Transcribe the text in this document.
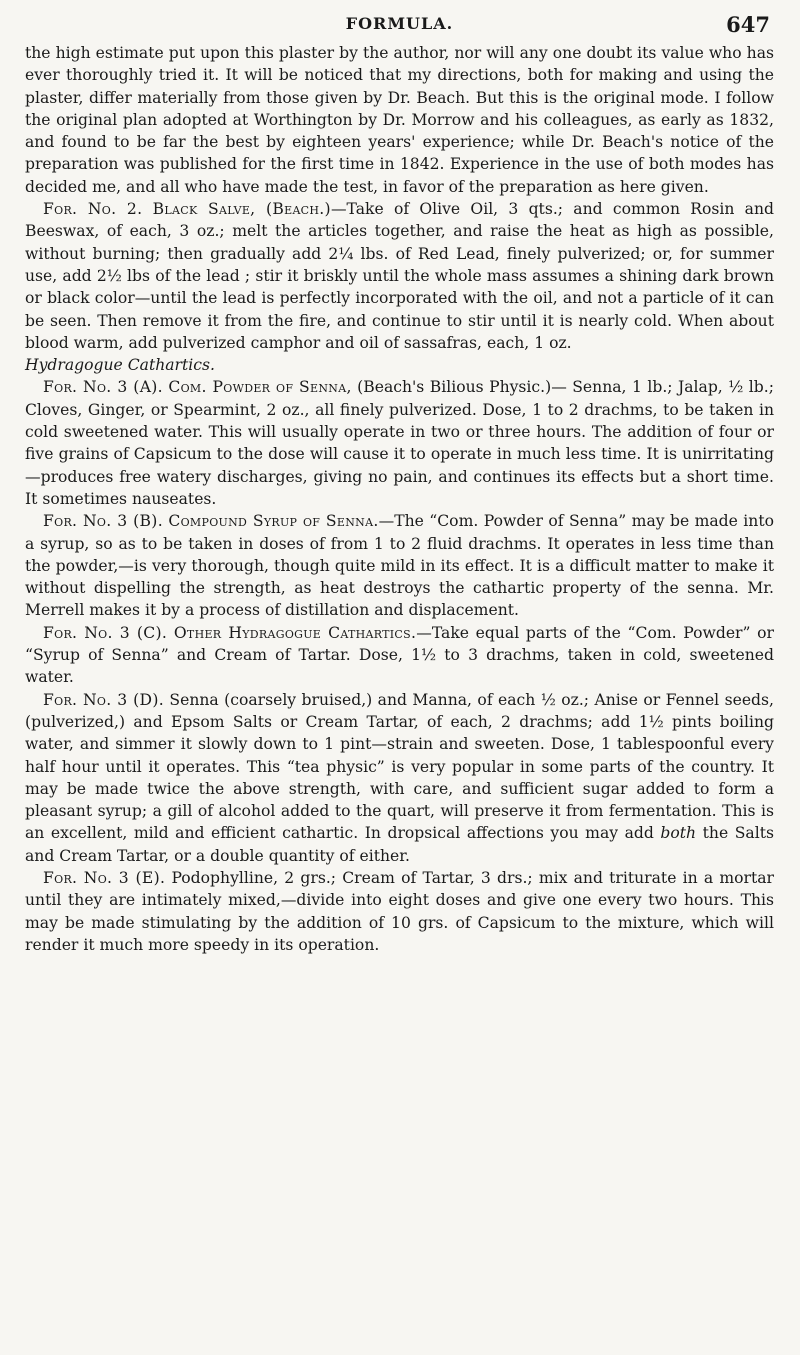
FORMULA.	647

the high estimate put upon this plaster by the author, nor will any one doubt its value who has ever thoroughly tried it. It will be noticed that my directions, both for making and using the plaster, differ materially from those given by Dr. Beach. But this is the original mode. I follow the original plan adopted at Worthington by Dr. Morrow and his colleagues, as early as 1832, and found to be far the best by eighteen years' experience; while Dr. Beach's notice of the preparation was published for the first time in 1842. Experience in the use of both modes has decided me, and all who have made the test, in favor of the preparation as here given.

For. No. 2. Black Salve, (Beach.)—Take of Olive Oil, 3 qts.; and common Rosin and Beeswax, of each, 3 oz.; melt the articles together, and raise the heat as high as possible, without burning; then gradually add 2¼ lbs. of Red Lead, finely pulverized; or, for summer use, add 2½ lbs of the lead ; stir it briskly until the whole mass assumes a shining dark brown or black color—until the lead is perfectly incorporated with the oil, and not a particle of it can be seen. Then remove it from the fire, and continue to stir until it is nearly cold. When about blood warm, add pulverized camphor and oil of sassafras, each, 1 oz.

Hydragogue Cathartics.

For. No. 3 (A). Com. Powder of Senna, (Beach's Bilious Physic.)— Senna, 1 lb.; Jalap, ½ lb.; Cloves, Ginger, or Spearmint, 2 oz., all finely pulverized. Dose, 1 to 2 drachms, to be taken in cold sweetened water. This will usually operate in two or three hours. The addition of four or five grains of Capsicum to the dose will cause it to operate in much less time. It is unirritating—produces free watery discharges, giving no pain, and continues its effects but a short time. It sometimes nauseates.

For. No. 3 (B). Compound Syrup of Senna.—The “Com. Powder of Senna” may be made into a syrup, so as to be taken in doses of from 1 to 2 fluid drachms. It operates in less time than the powder,—is very thorough, though quite mild in its effect. It is a difficult matter to make it without dispelling the strength, as heat destroys the cathartic property of the senna. Mr. Merrell makes it by a process of distillation and displacement.

For. No. 3 (C). Other Hydragogue Cathartics.—Take equal parts of the “Com. Powder” or “Syrup of Senna” and Cream of Tartar. Dose, 1½ to 3 drachms, taken in cold, sweetened water.

For. No. 3 (D). Senna (coarsely bruised,) and Manna, of each ½ oz.; Anise or Fennel seeds, (pulverized,) and Epsom Salts or Cream Tartar, of each, 2 drachms; add 1½ pints boiling water, and simmer it slowly down to 1 pint—strain and sweeten. Dose, 1 tablespoonful every half hour until it operates. This “tea physic” is very popular in some parts of the country. It may be made twice the above strength, with care, and sufficient sugar added to form a pleasant syrup; a gill of alcohol added to the quart, will preserve it from fermentation. This is an excellent, mild and efficient cathartic. In dropsical affections you may add both the Salts and Cream Tartar, or a double quantity of either.

For. No. 3 (E). Podophylline, 2 grs.; Cream of Tartar, 3 drs.; mix and triturate in a mortar until they are intimately mixed,—divide into eight doses and give one every two hours. This may be made stimulating by the addition of 10 grs. of Capsicum to the mixture, which will render it much more speedy in its operation.
